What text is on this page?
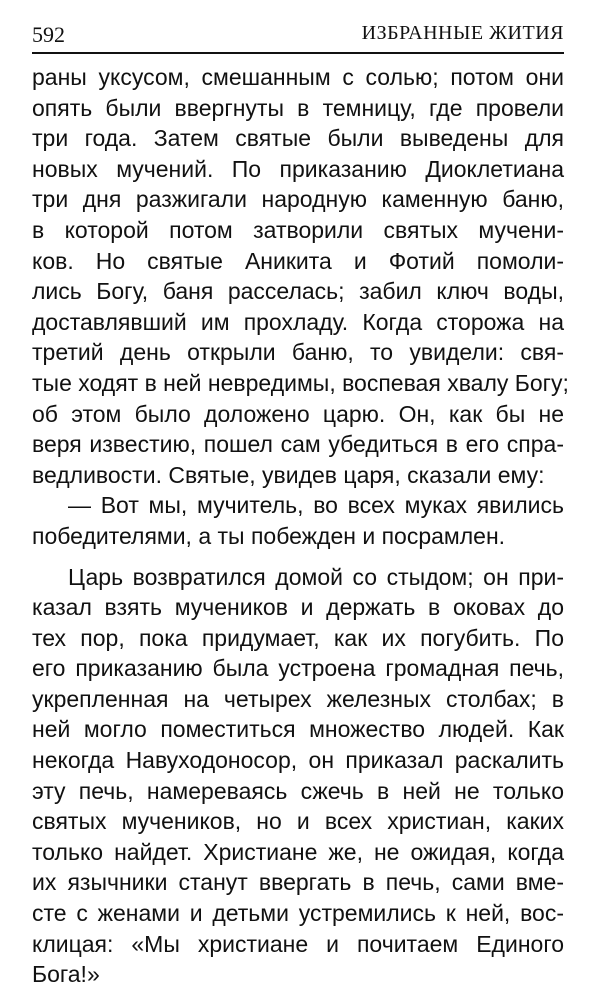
592	ИЗБРАННЫЕ ЖИТИЯ
раны уксусом, смешанным с солью; потом они
опять были ввергнуты в темницу, где провели
три года. Затем святые были выведены для
новых мучений. По приказанию Диоклетиана
три дня разжигали народную каменную баню,
в которой потом затворили святых мучени-
ков. Но святые Аникита и Фотий помоли-
лись Богу, баня расселась; забил ключ воды,
доставлявший им прохладу. Когда сторожа на
третий день открыли баню, то увидели: свя-
тые ходят в ней невредимы, воспевая хвалу Богу;
об этом было доложено царю. Он, как бы не
веря известию, пошел сам убедиться в его спра-
ведливости. Святые, увидев царя, сказали ему:
— Вот мы, мучитель, во всех муках явились
победителями, а ты побежден и посрамлен.
Царь возвратился домой со стыдом; он при-
казал взять мучеников и держать в оковах до
тех пор, пока придумает, как их погубить. По
его приказанию была устроена громадная печь,
укрепленная на четырех железных столбах; в
ней могло поместиться множество людей. Как
некогда Навуходоносор, он приказал раскалить
эту печь, намереваясь сжечь в ней не только
святых мучеников, но и всех христиан, каких
только найдет. Христиане же, не ожидая, когда
их язычники станут ввергать в печь, сами вме-
сте с женами и детьми устремились к ней, вос-
клицая: «Мы христиане и почитаем Единого
Бога!»
